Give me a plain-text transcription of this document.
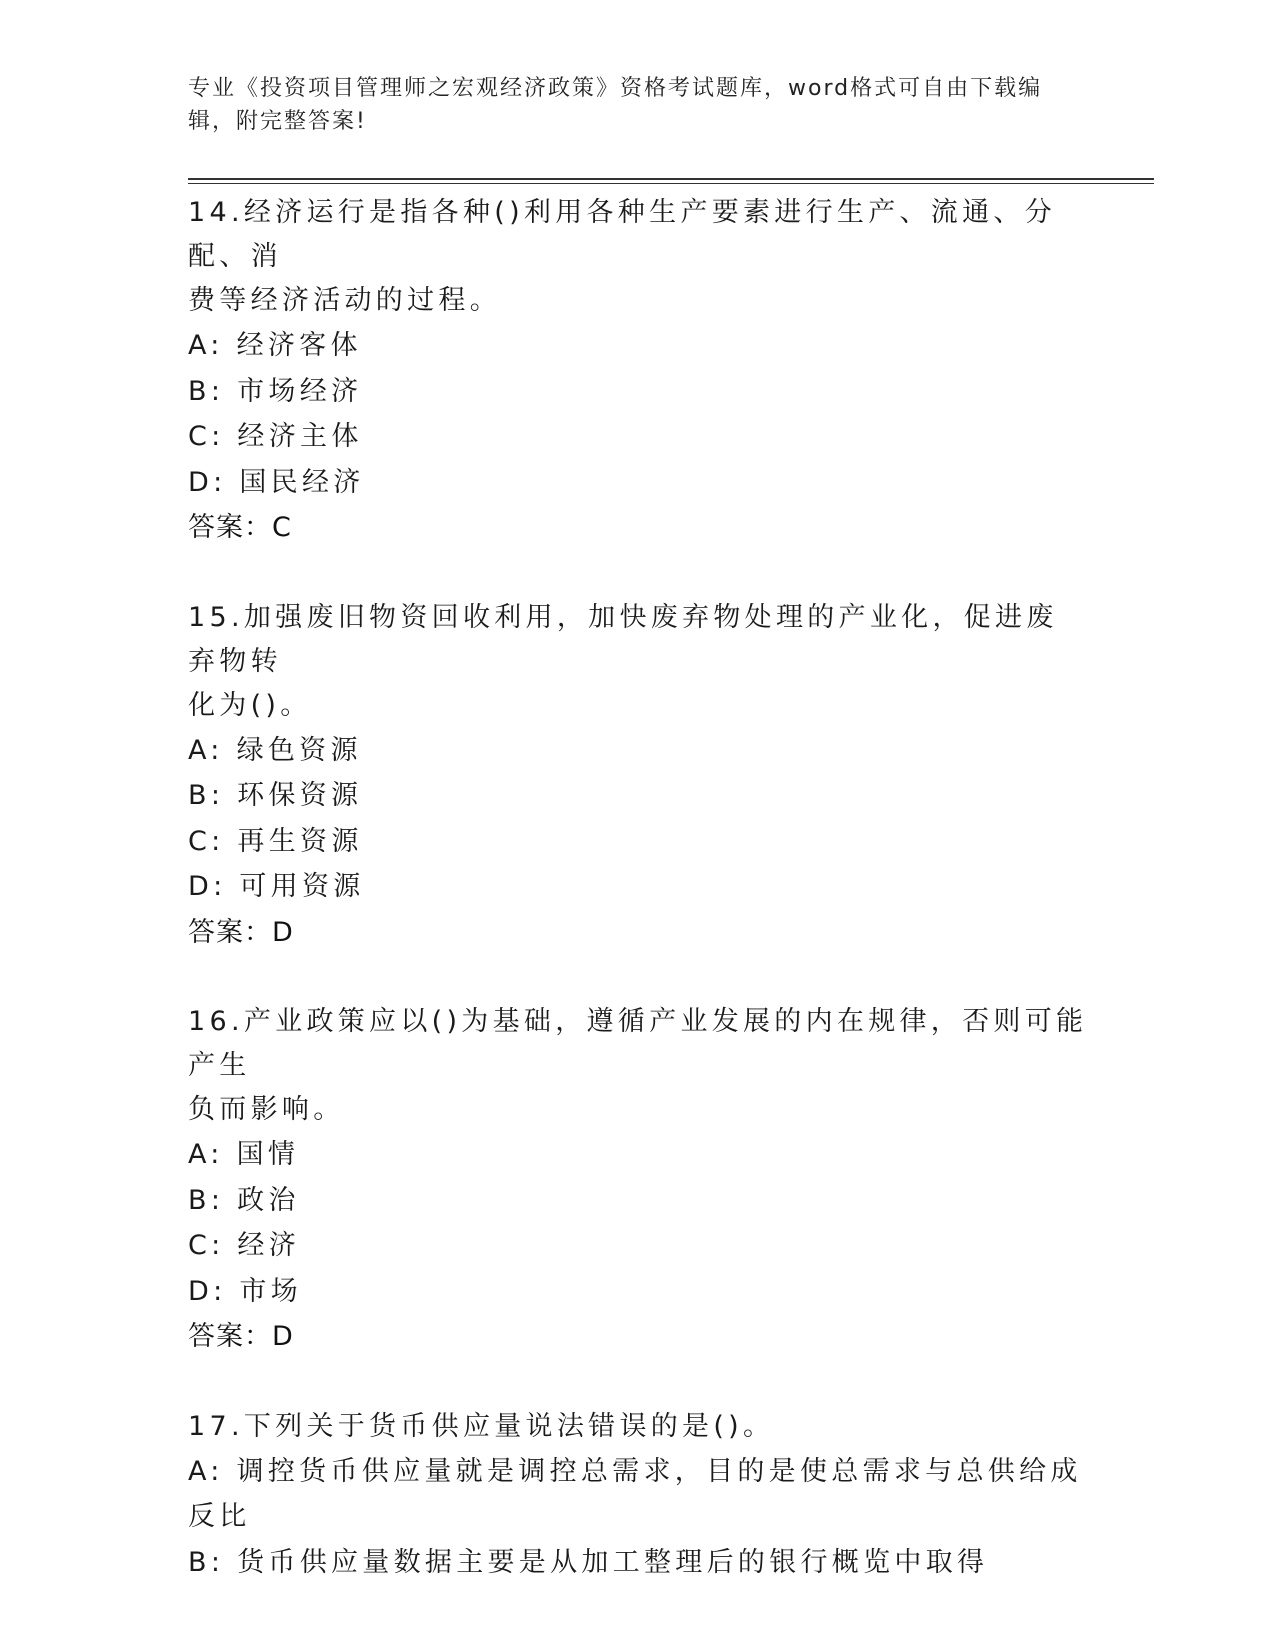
专业《投资项目管理师之宏观经济政策》资格考试题库，word格式可自由下载编
辑，附完整答案!
14.经济运行是指各种()利用各种生产要素进行生产、流通、分配、消
费等经济活动的过程。
A: 经济客体
B: 市场经济
C: 经济主体
D: 国民经济
答案：C
15.加强废旧物资回收利用，加快废弃物处理的产业化，促进废弃物转
化为()。
A: 绿色资源
B: 环保资源
C: 再生资源
D: 可用资源
答案：D
16.产业政策应以()为基础，遵循产业发展的内在规律，否则可能产生
负而影响。
A: 国情
B: 政治
C: 经济
D: 市场
答案：D
17.下列关于货币供应量说法错误的是()。
A: 调控货币供应量就是调控总需求，目的是使总需求与总供给成反比
B: 货币供应量数据主要是从加工整理后的银行概览中取得
